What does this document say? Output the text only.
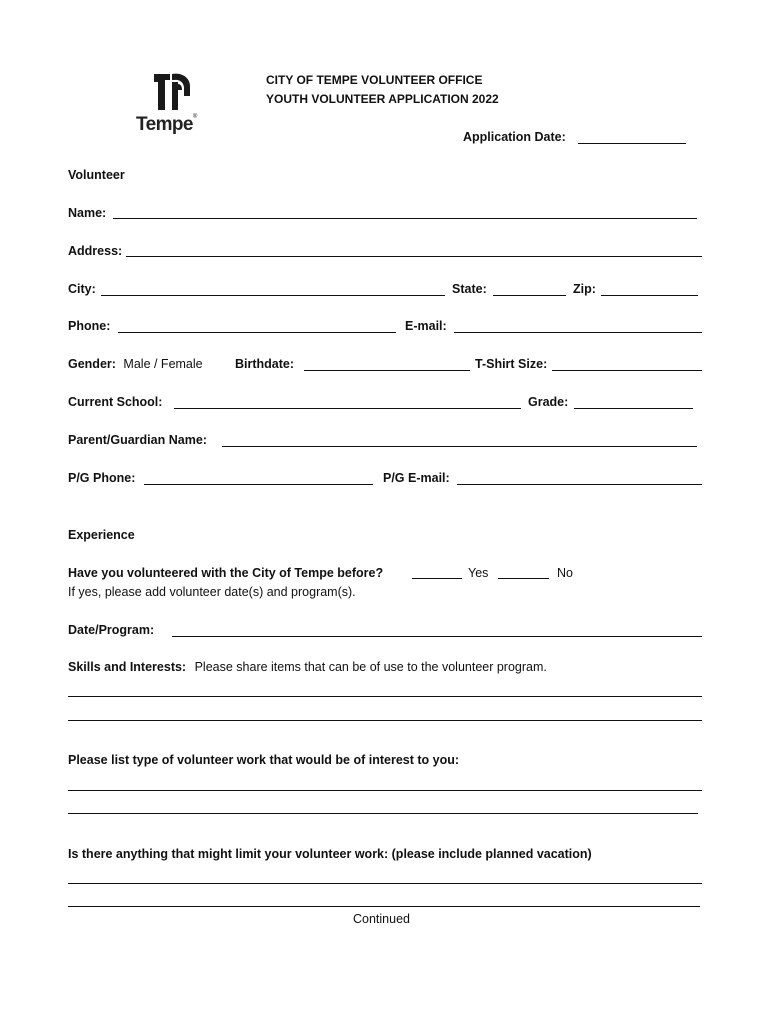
Tempe®
CITY OF TEMPE VOLUNTEER OFFICE
YOUTH VOLUNTEER APPLICATION 2022
Application Date:
Volunteer
Name:
Address:
City:	State:	Zip:
Phone:	E-mail:
Gender: Male / Female	Birthdate:	T-Shirt Size:
Current School:	Grade:
Parent/Guardian Name:
P/G Phone:	P/G E-mail:
Experience
Have you volunteered with the City of Tempe before?	Yes	No
If yes, please add volunteer date(s) and program(s).
Date/Program:
Skills and Interests: Please share items that can be of use to the volunteer program.
Please list type of volunteer work that would be of interest to you:
Is there anything that might limit your volunteer work: (please include planned vacation)
Continued
